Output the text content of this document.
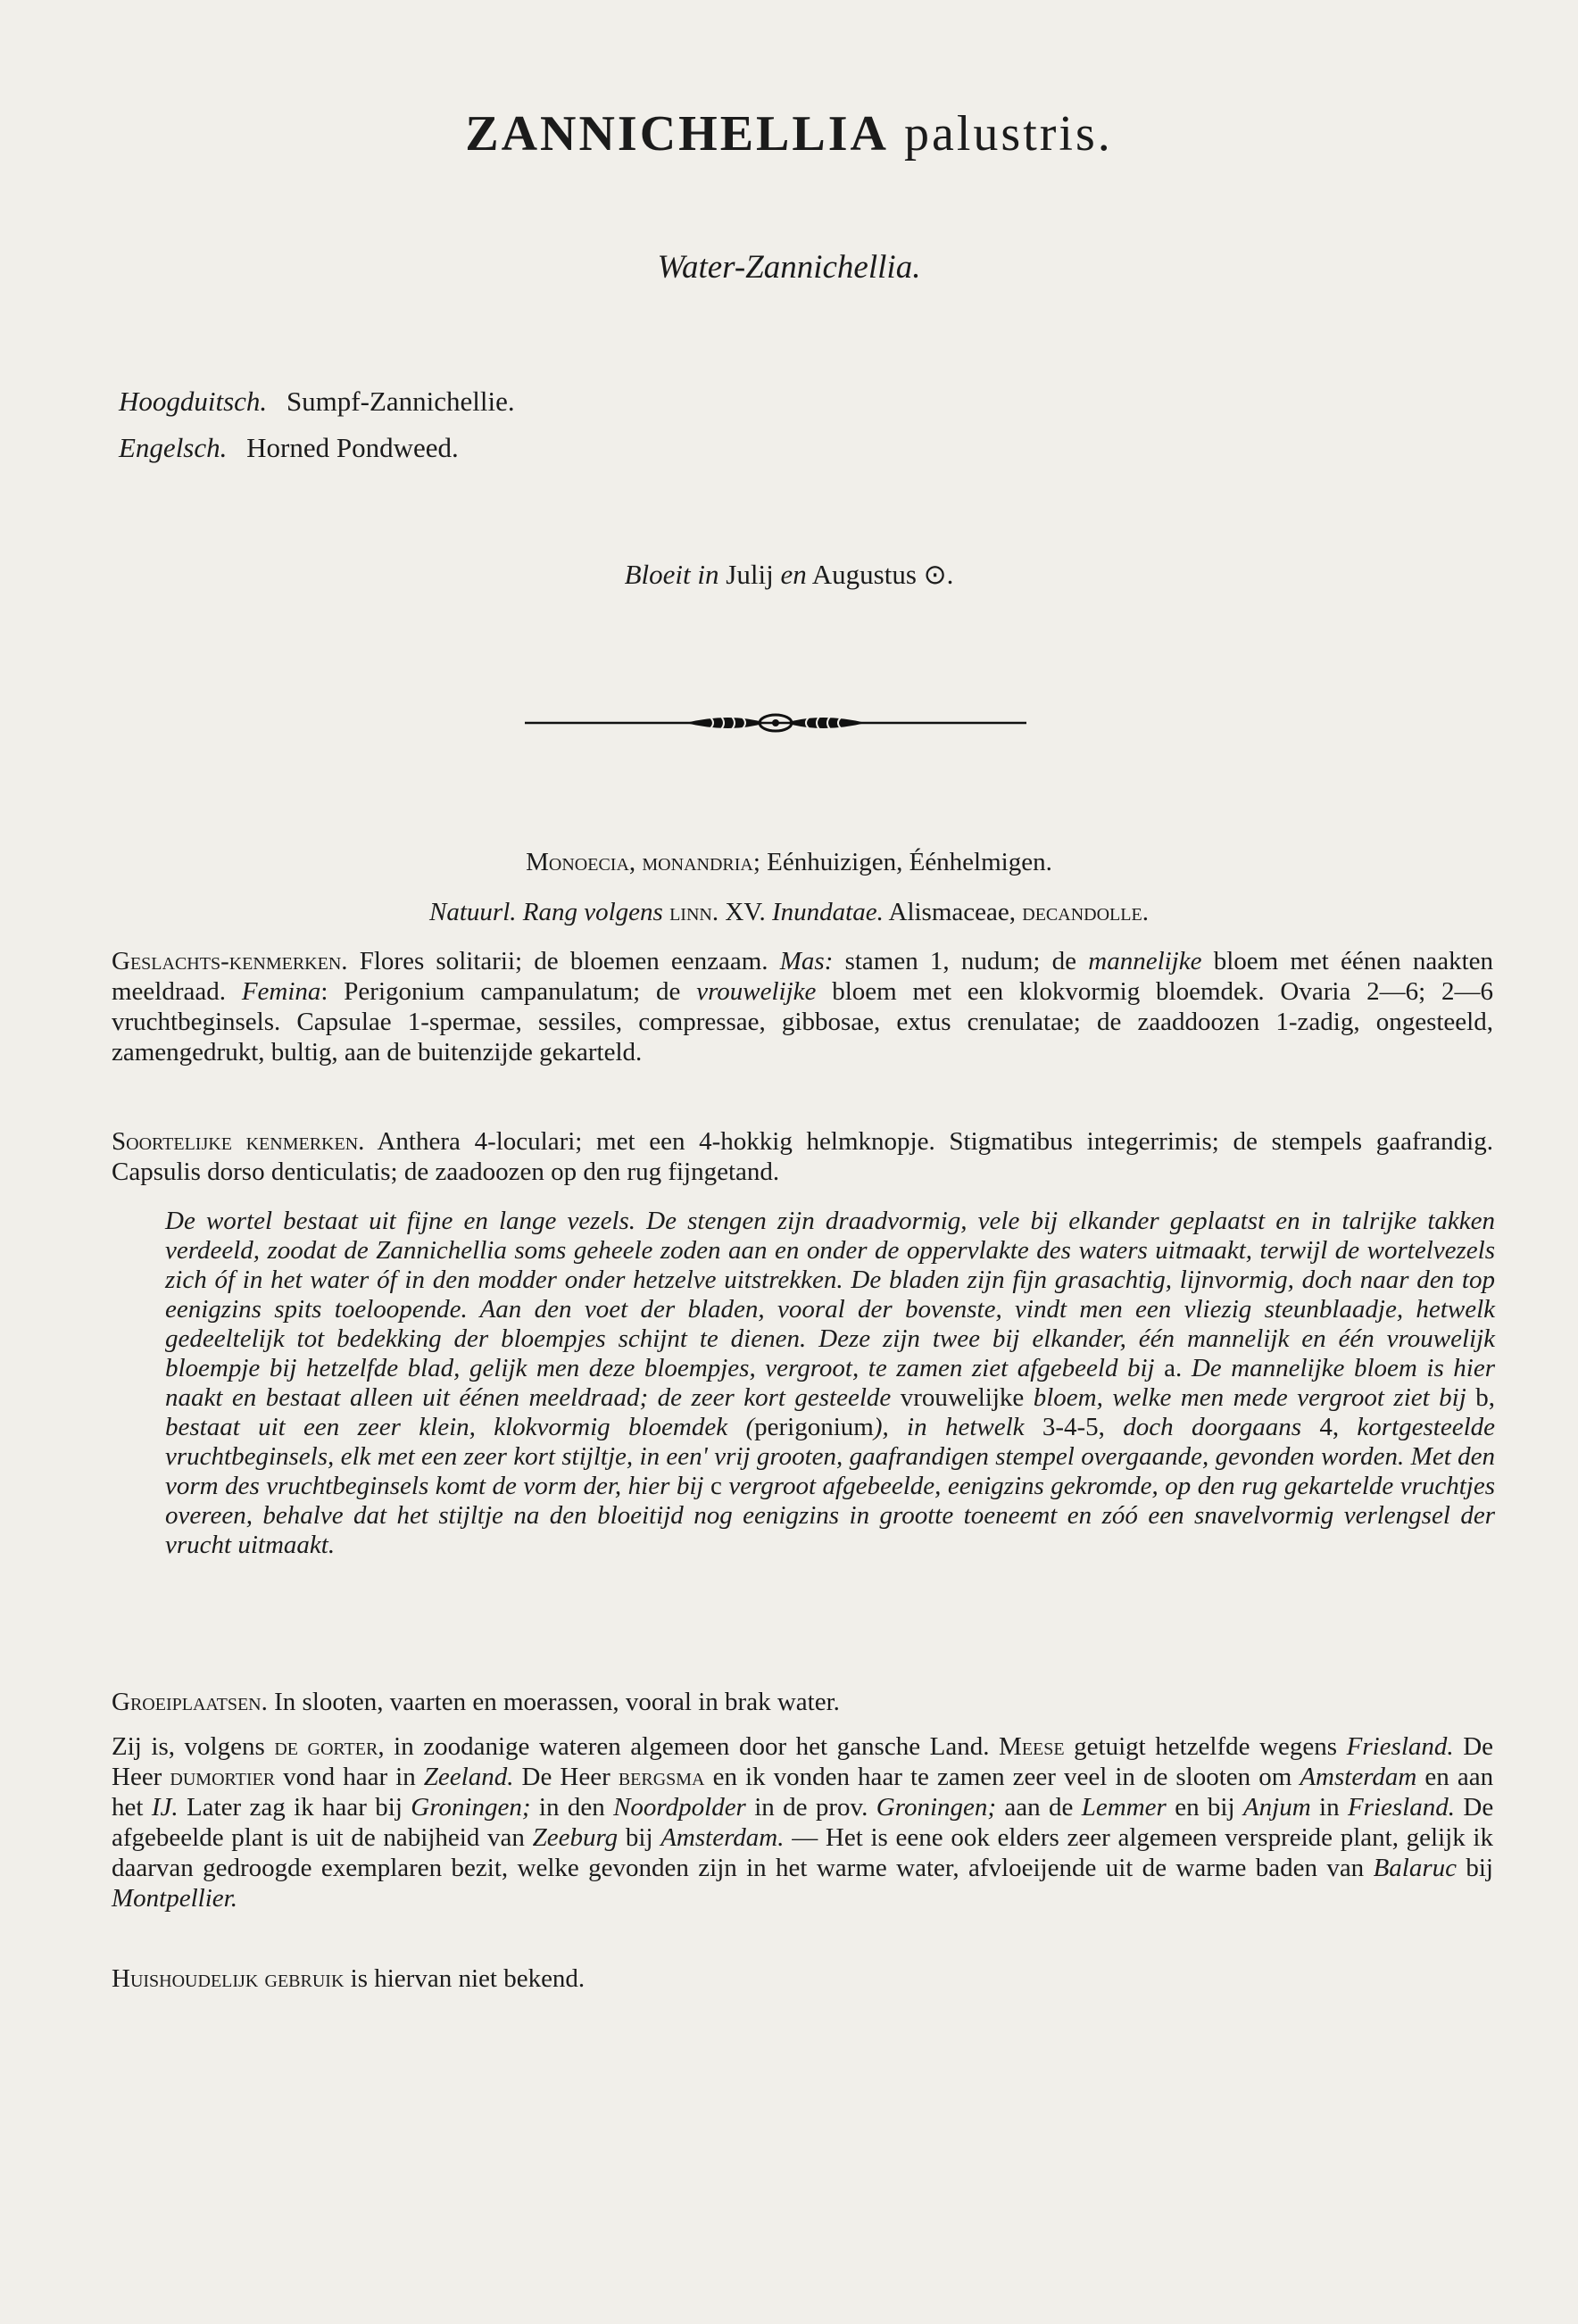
ZANNICHELLIA palustris.
Water-Zannichellia.
Hoogduitsch. Sumpf-Zannichellie.
Engelsch. Horned Pondweed.
Bloeit in Julij en Augustus ⊙.
Monoecia, monandria; Eénhuizigen, Éénhelmigen.
Natuurl. Rang volgens linn. XV. Inundatae. Alismaceae, decandolle.
Geslachts-kenmerken. Flores solitarii; de bloemen eenzaam. Mas: stamen 1, nudum; de mannelijke bloem met éénen naakten meeldraad. Femina: Perigonium campanulatum; de vrouwelijke bloem met een klokvormig bloemdek. Ovaria 2—6; 2—6 vruchtbeginsels. Capsulae 1-spermae, sessiles, compressae, gibbosae, extus crenulatae; de zaaddoozen 1-zadig, ongesteeld, zamengedrukt, bultig, aan de buitenzijde gekarteld.
Soortelijke kenmerken. Anthera 4-loculari; met een 4-hokkig helmknopje. Stigmatibus integerrimis; de stempels gaafrandig. Capsulis dorso denticulatis; de zaadoozen op den rug fijngetand.
De wortel bestaat uit fijne en lange vezels. De stengen zijn draadvormig, vele bij elkander geplaatst en in talrijke takken verdeeld, zoodat de Zannichellia soms geheele zoden aan en onder de oppervlakte des waters uitmaakt, terwijl de wortelvezels zich óf in het water óf in den modder onder hetzelve uitstrekken. De bladen zijn fijn grasachtig, lijnvormig, doch naar den top eenigzins spits toeloopende. Aan den voet der bladen, vooral der bovenste, vindt men een vliezig steunblaadje, hetwelk gedeeltelijk tot bedekking der bloempjes schijnt te dienen. Deze zijn twee bij elkander, één mannelijk en één vrouwelijk bloempje bij hetzelfde blad, gelijk men deze bloempjes, vergroot, te zamen ziet afgebeeld bij a. De mannelijke bloem is hier naakt en bestaat alleen uit éénen meeldraad; de zeer kort gesteelde vrouwelijke bloem, welke men mede vergroot ziet bij b, bestaat uit een zeer klein, klokvormig bloemdek (perigonium), in hetwelk 3-4-5, doch doorgaans 4, kortgesteelde vruchtbeginsels, elk met een zeer kort stijltje, in een' vrij grooten, gaafrandigen stempel overgaande, gevonden worden. Met den vorm des vruchtbeginsels komt de vorm der, hier bij c vergroot afgebeelde, eenigzins gekromde, op den rug gekartelde vruchtjes overeen, behalve dat het stijltje na den bloeitijd nog eenigzins in grootte toeneemt en zóó een snavelvormig verlengsel der vrucht uitmaakt.
Groeiplaatsen. In slooten, vaarten en moerassen, vooral in brak water.
Zij is, volgens de gorter, in zoodanige wateren algemeen door het gansche Land. Meese getuigt hetzelfde wegens Friesland. De Heer dumortier vond haar in Zeeland. De Heer bergsma en ik vonden haar te zamen zeer veel in de slooten om Amsterdam en aan het IJ. Later zag ik haar bij Groningen; in den Noordpolder in de prov. Groningen; aan de Lemmer en bij Anjum in Friesland. De afgebeelde plant is uit de nabijheid van Zeeburg bij Amsterdam. — Het is eene ook elders zeer algemeen verspreide plant, gelijk ik daarvan gedroogde exemplaren bezit, welke gevonden zijn in het warme water, afvloeijende uit de warme baden van Balaruc bij Montpellier.
Huishoudelijk gebruik is hiervan niet bekend.
